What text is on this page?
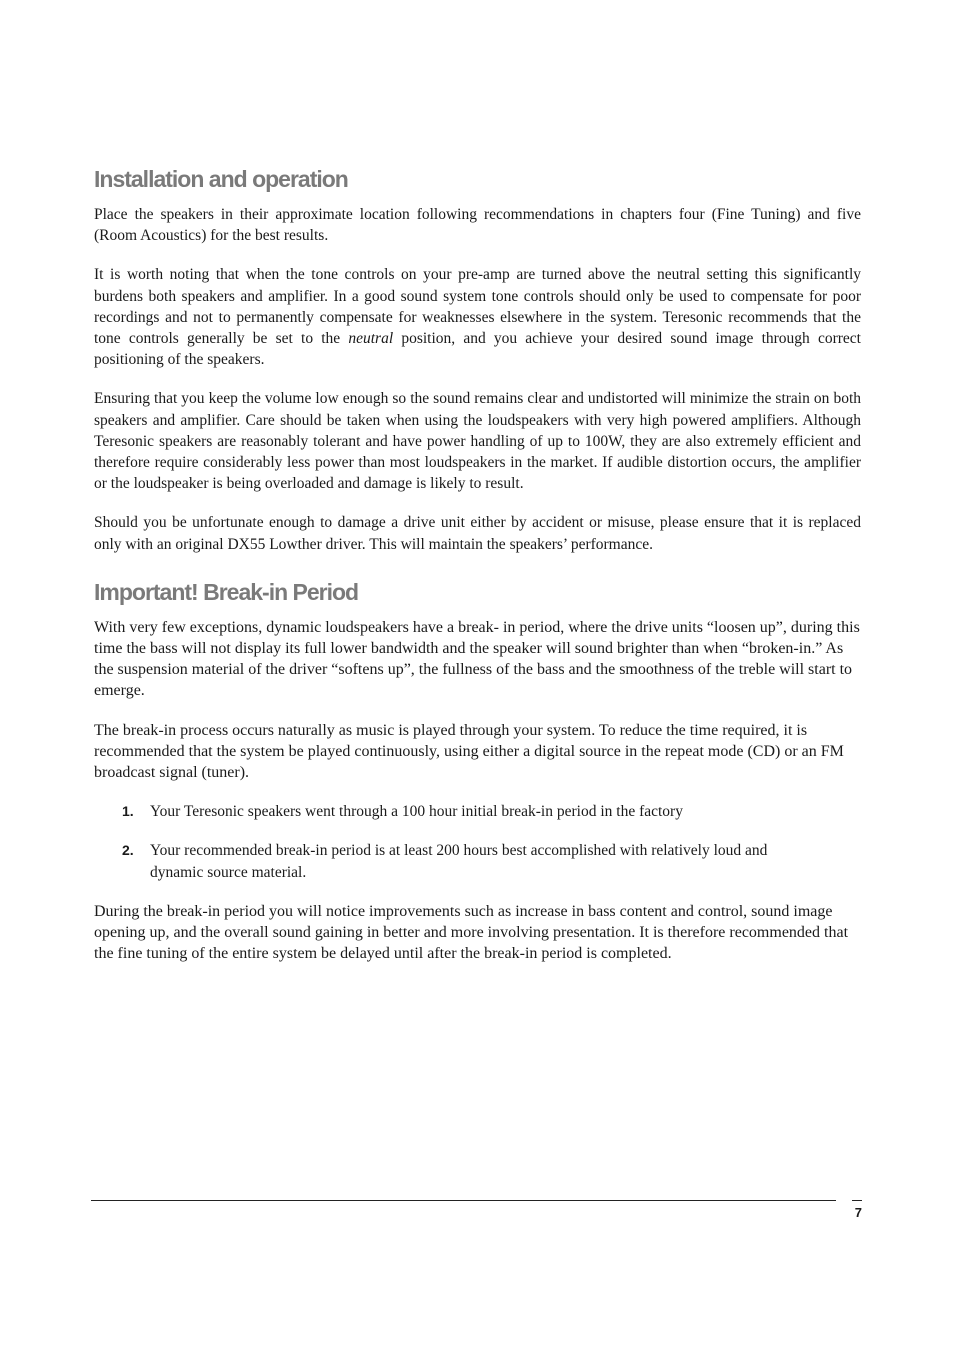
Installation and operation

Place the speakers in their approximate location following recommendations in chapters four (Fine Tuning) and five (Room Acoustics) for the best results.

It is worth noting that when the tone controls on your pre-amp are turned above the neutral setting this significantly burdens both speakers and amplifier. In a good sound system tone controls should only be used to compensate for poor recordings and not to permanently compensate for weaknesses elsewhere in the system. Teresonic recommends that the tone controls generally be set to the neutral position, and you achieve your desired sound image through correct positioning of the speakers.

Ensuring that you keep the volume low enough so the sound remains clear and undistorted will minimize the strain on both speakers and amplifier. Care should be taken when using the loudspeakers with very high powered amplifiers. Although Teresonic speakers are reasonably tolerant and have power handling of up to 100W, they are also extremely efficient and therefore require considerably less power than most loudspeakers in the market. If audible distortion occurs, the amplifier or the loudspeaker is being overloaded and damage is likely to result.

Should you be unfortunate enough to damage a drive unit either by accident or misuse, please ensure that it is replaced only with an original DX55 Lowther driver. This will maintain the speakers’ performance.

Important! Break-in Period

With very few exceptions, dynamic loudspeakers have a break- in period, where the drive units “loosen up”, during this time the bass will not display its full lower bandwidth and the speaker will sound brighter than when “broken-in.” As the suspension material of the driver “softens up”, the fullness of the bass and the smoothness of the treble will start to emerge.

The break-in process occurs naturally as music is played through your system. To reduce the time required, it is recommended that the system be played continuously, using either a digital source in the repeat mode (CD) or an FM broadcast signal (tuner).

1. Your Teresonic speakers went through a 100 hour initial break-in period in the factory
2. Your recommended break-in period is at least 200 hours best accomplished with relatively loud and dynamic source material.

During the break-in period you will notice improvements such as increase in bass content and control, sound image opening up, and the overall sound gaining in better and more involving presentation. It is therefore recommended that the fine tuning of the entire system be delayed until after the break-in period is completed.

7
